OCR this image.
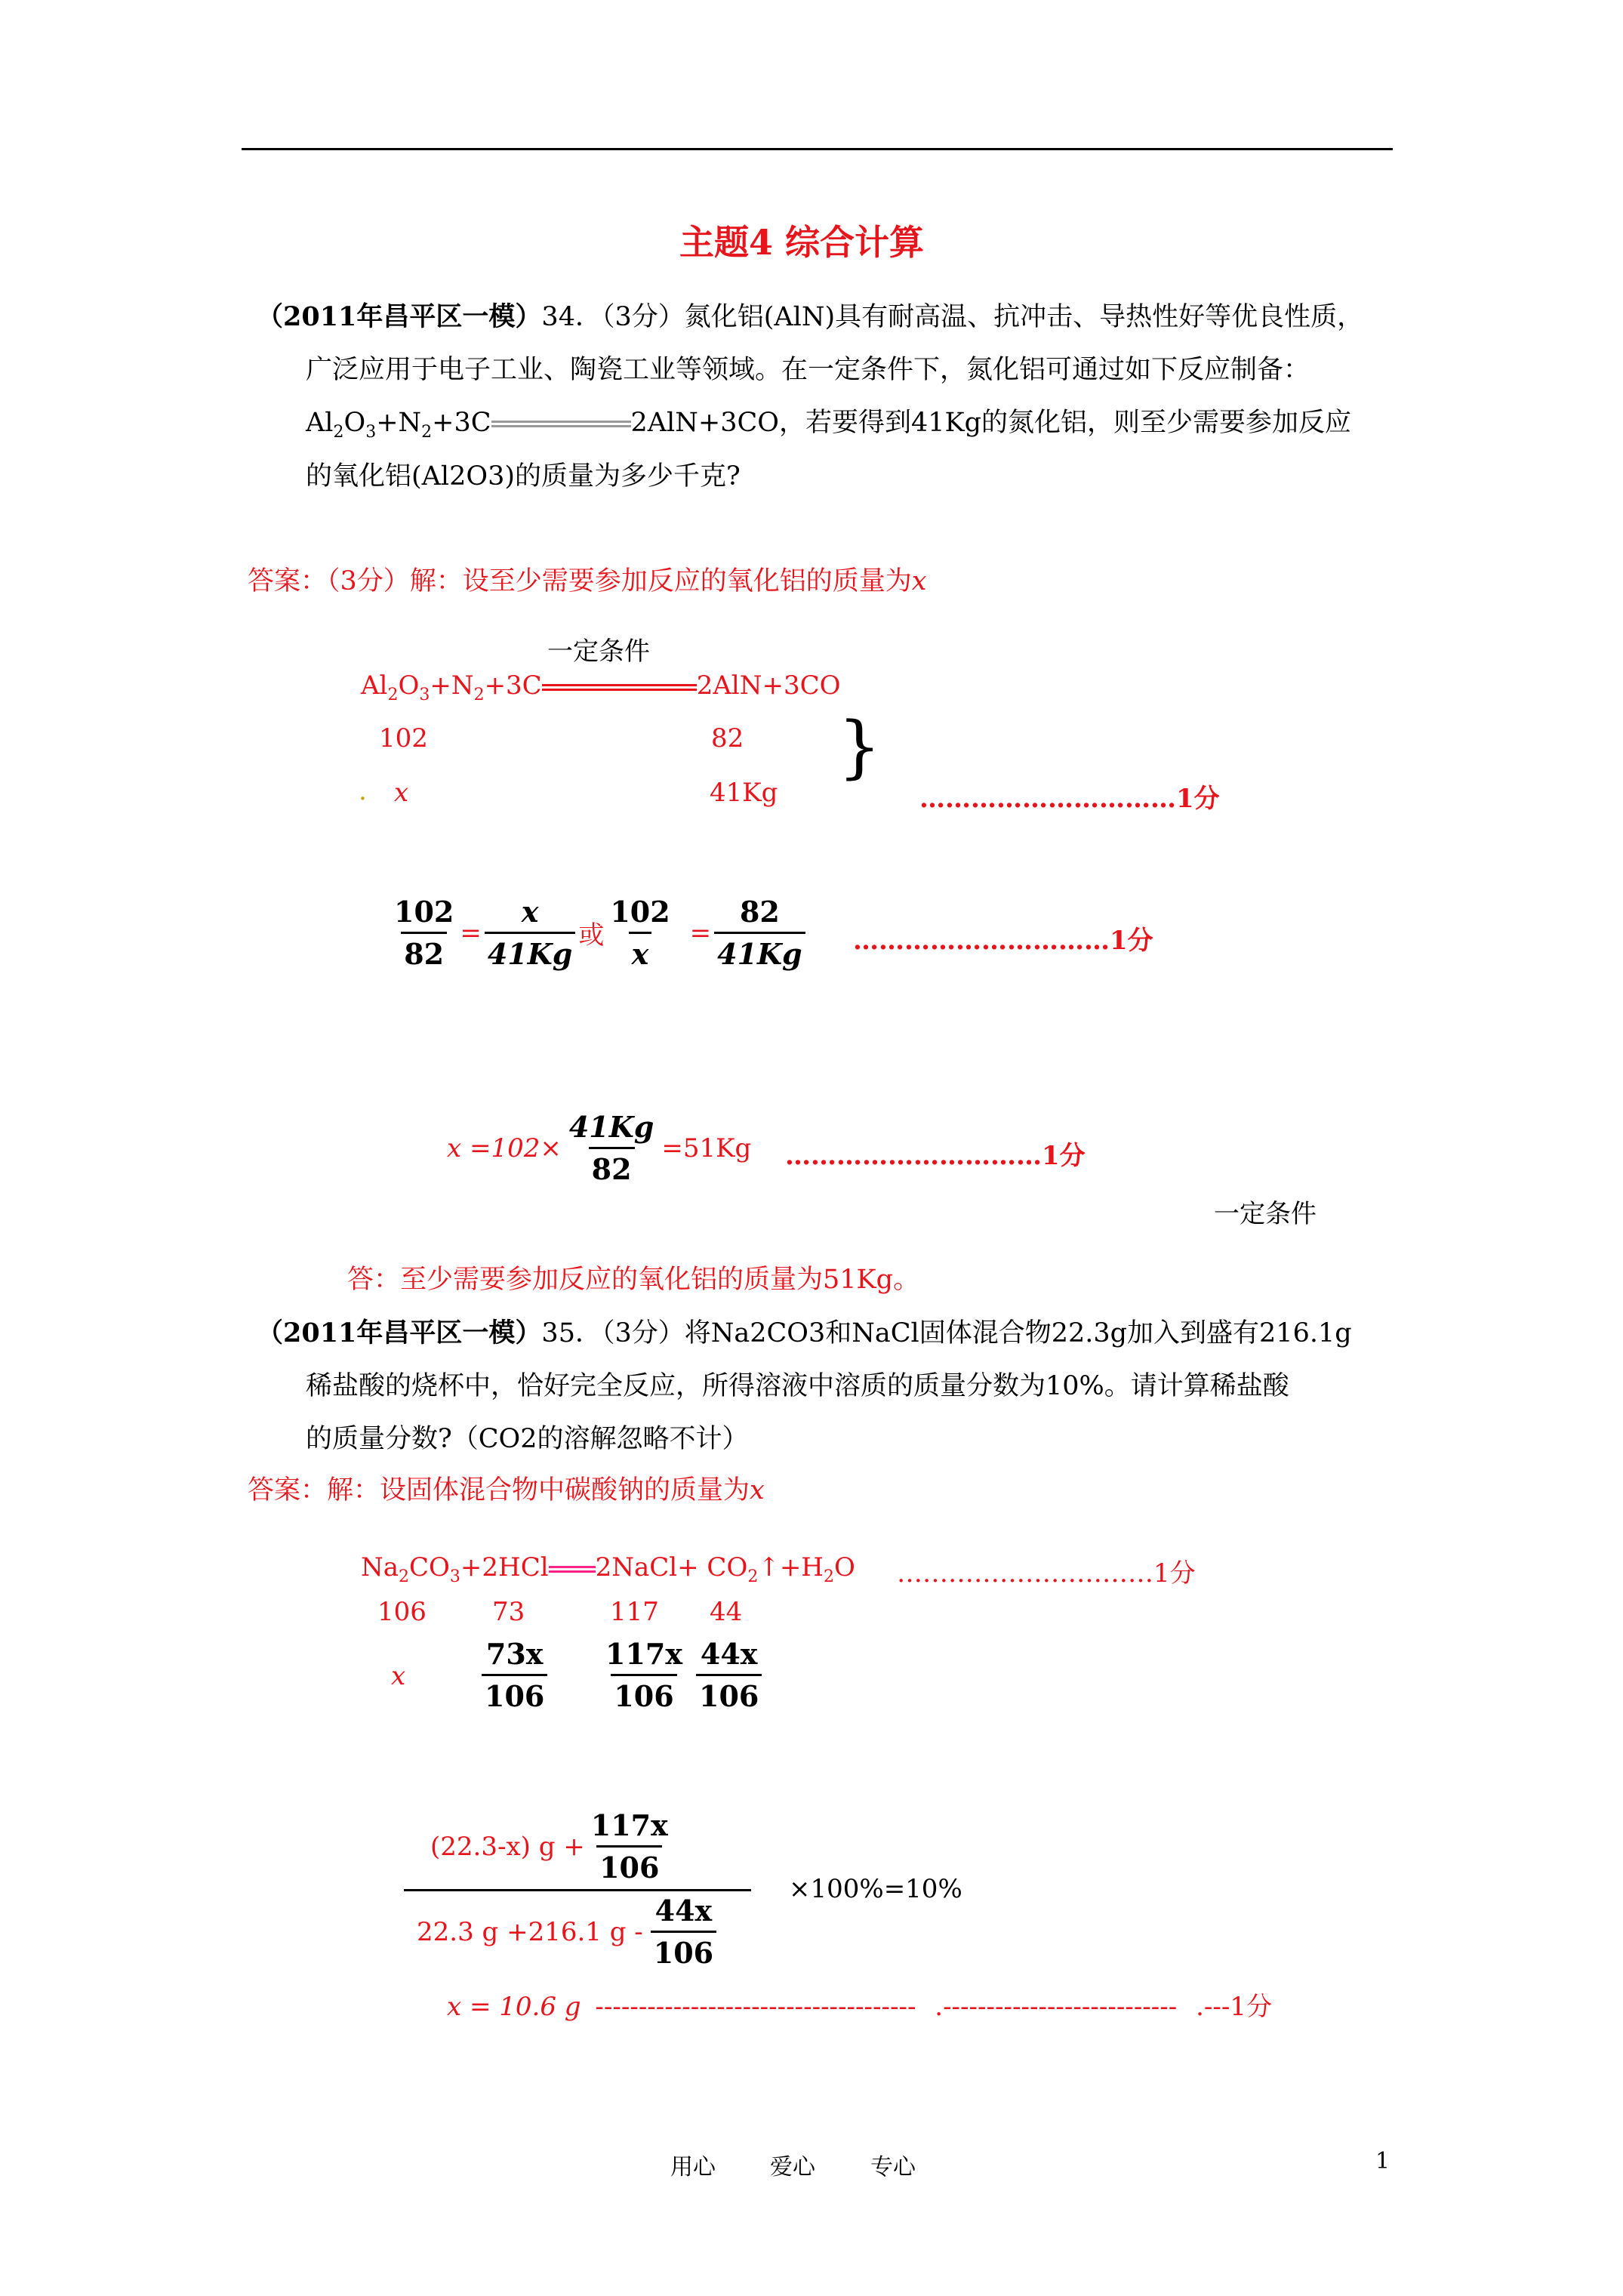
主题4 综合计算
（2011年昌平区一模）34．（3分）氮化铝(AlN)具有耐高温、抗冲击、导热性好等优良性质，
广泛应用于电子工业、陶瓷工业等领域。在一定条件下，氮化铝可通过如下反应制备：
$Al_2O_3+N_2+3C$	2AlN+3CO，若要得到41Kg的氮化铝，则至少需要参加反应
的氧化铝(Al2O3)的质量为多少千克?
答案：（3分）解：设至少需要参加反应的氧化铝的质量为x
一定条件
$Al_2O_3+N_2+3C$	2AlN+3CO
102	82 }
. x	41Kg	…………………………1分
$\frac{102}{82} = \frac{x}{41Kg}$ 或 $\frac{102}{x} = \frac{82}{41Kg}$ …………………………1分
$x =102\times \frac{41Kg}{82} =51Kg$ …………………………1分
一定条件
答：至少需要参加反应的氧化铝的质量为51Kg。
（2011年昌平区一模）35．（3分）将Na2CO3和NaCl固体混合物22.3g加入到盛有216.1g
稀盐酸的烧杯中，恰好完全反应，所得溶液中溶质的质量分数为10%。请计算稀盐酸
的质量分数?（CO2的溶解忽略不计）
答案：解：设固体混合物中碳酸钠的质量为x
$Na_2CO_3+2HCl$ 2NaCl+ $CO_2↑+H_2O$ …………………………1分
106	73	117 44
x	$\frac{73x}{106} \frac{117x}{106} \frac{44x}{106}$
(22.3-x) $g + \frac{117x}{106}$
×100%=10%
22.3 g +216.1 g - $\frac{44x}{106}$
x = 10.6 g ------------------------------------- .--------------------------- .---1分
用心 爱心 专心	1
